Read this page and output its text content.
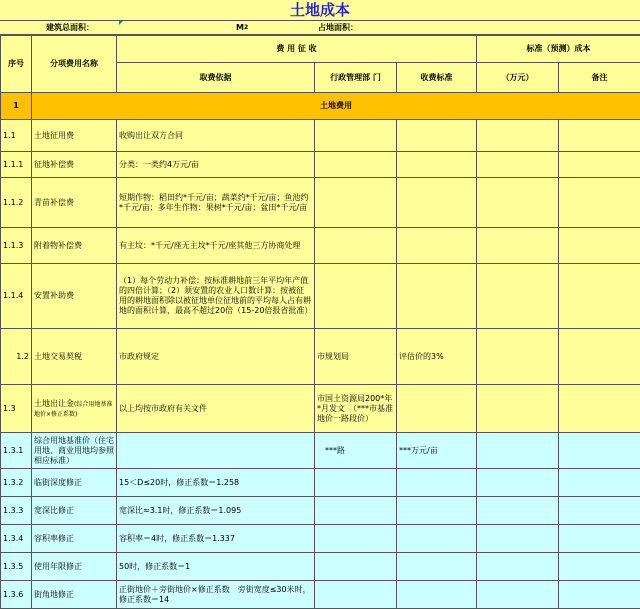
土地成本
建筑总面积：	$M^2$	占地面积：
序号	分项费用名称	费 用 征 收			标准（预测）成本	
		取费依据	行政管理部 门	收费标准	（万元）	备注
1	土地费用					
1.1	土地征用费	收购出让双方合同				
1.1.1	征地补偿费	分类：一类约4万元/亩				
1.1.2	青苗补偿费	短期作物：稻田约*千元/亩；蔬菜约*千元/亩；鱼池约*千元/亩；多年生作物：果树*千元/亩；盆田*千元/亩				
1.1.3	附着物补偿费	有主坟：*千元/座无主坟*千元/座其他三方协商处理				
1.1.4	安置补助费	（1）每个劳动力补偿：按标准耕地前三年平均年产值的四倍计算；（2）须安置的农业人口数计算：按被征用的耕地面积除以被征地单位征地前的平均每人占有耕地的面积计算，最高不超过20倍（15-20倍报省批准）				
1.2	土地交易契税	市政府规定	市规划局	评估价的3%		
1.3	土地出让金(综合用地基准地价×修正系数)	以上均按市政府有关文件	市国土资源局200*年*月发文　（***市基准地价一路段价）			
1.3.1	综合用地基准价（住宅用地、商业用地均参照相应标准）		***路	***万元/亩		
1.3.2	临街深度修正	15＜D≤20时，修正系数＝1.258				
1.3.3	宽深比修正	宽深比≈3.1时，修正系数＝1.095				
1.3.4	容积率修正	容积率＝4时，修正系数＝1.337				
1.3.5	使用年限修正	50时，修正系数＝1				
1.3.6	街角地修正	正街地价＋旁街地价×修正系数　旁街宽度≤30米时，修正系数＝14				
